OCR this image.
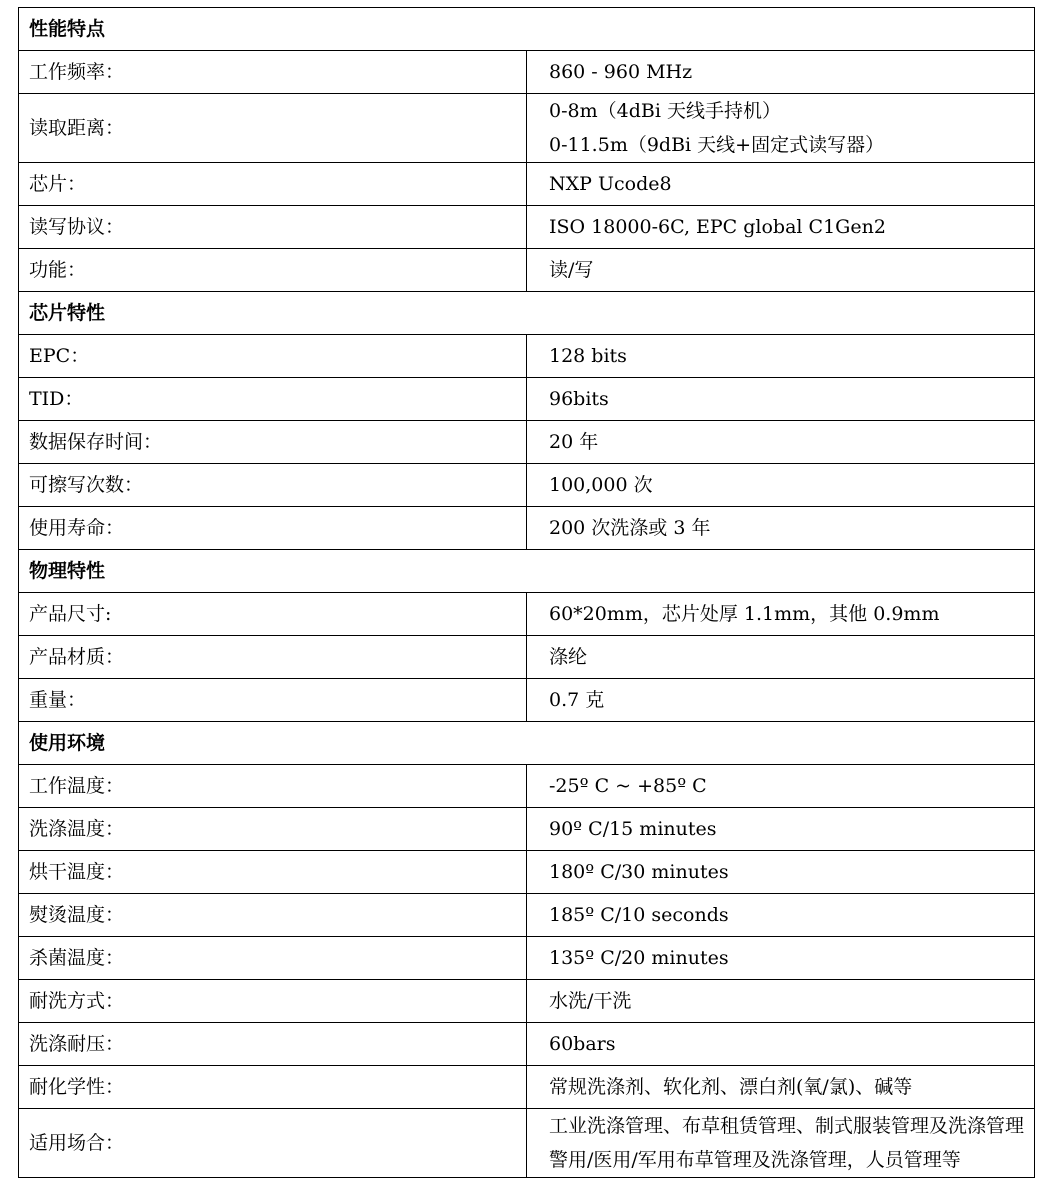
性能特点	
工作频率：	860 - 960 MHz

读取距离：	0-8m（4dBi 天线手持机）
0-11.5m（9dBi 天线+固定式读写器）

芯片：	NXP Ucode8

读写协议：	ISO 18000-6C, EPC global C1Gen2

功能：	读/写

芯片特性	
EPC：	128 bits

TID：	96bits

数据保存时间：	20 年

可擦写次数：	100,000 次

使用寿命：	200 次洗涤或 3 年

物理特性	
产品尺寸:	60*20mm，芯片处厚 1.1mm，其他 0.9mm

产品材质：	涤纶

重量：	0.7 克

使用环境	
工作温度：	-25º C ~ +85º C

洗涤温度：	90º C/15 minutes

烘干温度：	180º C/30 minutes

熨烫温度：	185º C/10 seconds

杀菌温度：	135º C/20 minutes

耐洗方式：	水洗/干洗

洗涤耐压：	60bars

耐化学性：	常规洗涤剂、软化剂、漂白剂(氧/氯)、碱等

适用场合：	工业洗涤管理、布草租赁管理、制式服装管理及洗涤管理
警用/医用/军用布草管理及洗涤管理，人员管理等
